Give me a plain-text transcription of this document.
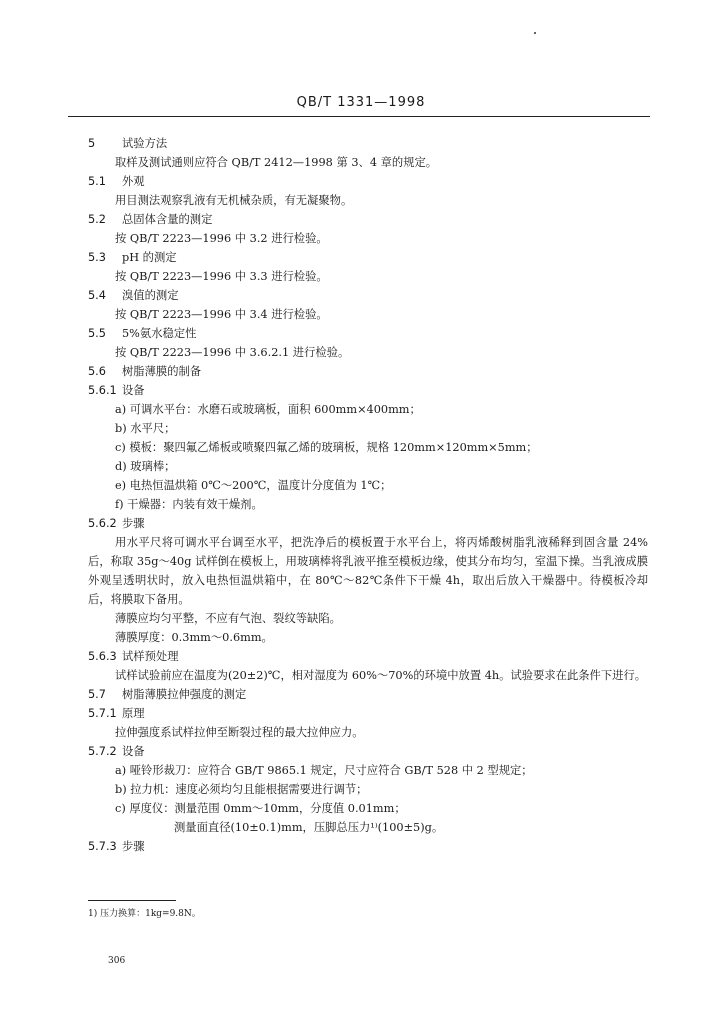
QB/T 1331—1998
5 试验方法
取样及测试通则应符合 QB/T 2412—1998 第 3、4 章的规定。
5.1 外观
用目测法观察乳液有无机械杂质，有无凝聚物。
5.2 总固体含量的测定
按 QB/T 2223—1996 中 3.2 进行检验。
5.3 pH 的测定
按 QB/T 2223—1996 中 3.3 进行检验。
5.4 溴值的测定
按 QB/T 2223—1996 中 3.4 进行检验。
5.5 5%氨水稳定性
按 QB/T 2223—1996 中 3.6.2.1 进行检验。
5.6 树脂薄膜的制备
5.6.1 设备
a) 可调水平台：水磨石或玻璃板，面积 600mm×400mm；
b) 水平尺；
c) 模板：聚四氟乙烯板或喷聚四氟乙烯的玻璃板，规格 120mm×120mm×5mm；
d) 玻璃棒；
e) 电热恒温烘箱 0℃～200℃，温度计分度值为 1℃；
f) 干燥器：内装有效干燥剂。
5.6.2 步骤
用水平尺将可调水平台调至水平，把洗净后的模板置于水平台上，将丙烯酸树脂乳液稀释到固含量 24%后，称取 35g～40g 试样倒在模板上，用玻璃棒将乳液平推至模板边缘，使其分布均匀，室温下操。当乳液成膜外观呈透明状时，放入电热恒温烘箱中，在 80℃～82℃条件下干燥 4h，取出后放入干燥器中。待模板冷却后，将膜取下备用。
薄膜应均匀平整，不应有气泡、裂纹等缺陷。
薄膜厚度：0.3mm～0.6mm。
5.6.3 试样预处理
试样试验前应在温度为(20±2)℃，相对湿度为 60%～70%的环境中放置 4h。试验要求在此条件下进行。
5.7 树脂薄膜拉伸强度的测定
5.7.1 原理
拉伸强度系试样拉伸至断裂过程的最大拉伸应力。
5.7.2 设备
a) 哑铃形裁刀：应符合 GB/T 9865.1 规定，尺寸应符合 GB/T 528 中 2 型规定；
b) 拉力机：速度必须均匀且能根据需要进行调节；
c) 厚度仪：测量范围 0mm～10mm，分度值 0.01mm；
测量面直径(10±0.1)mm，压脚总压力¹⁾(100±5)g。
5.7.3 步骤
1) 压力换算：1kg=9.8N。
306
